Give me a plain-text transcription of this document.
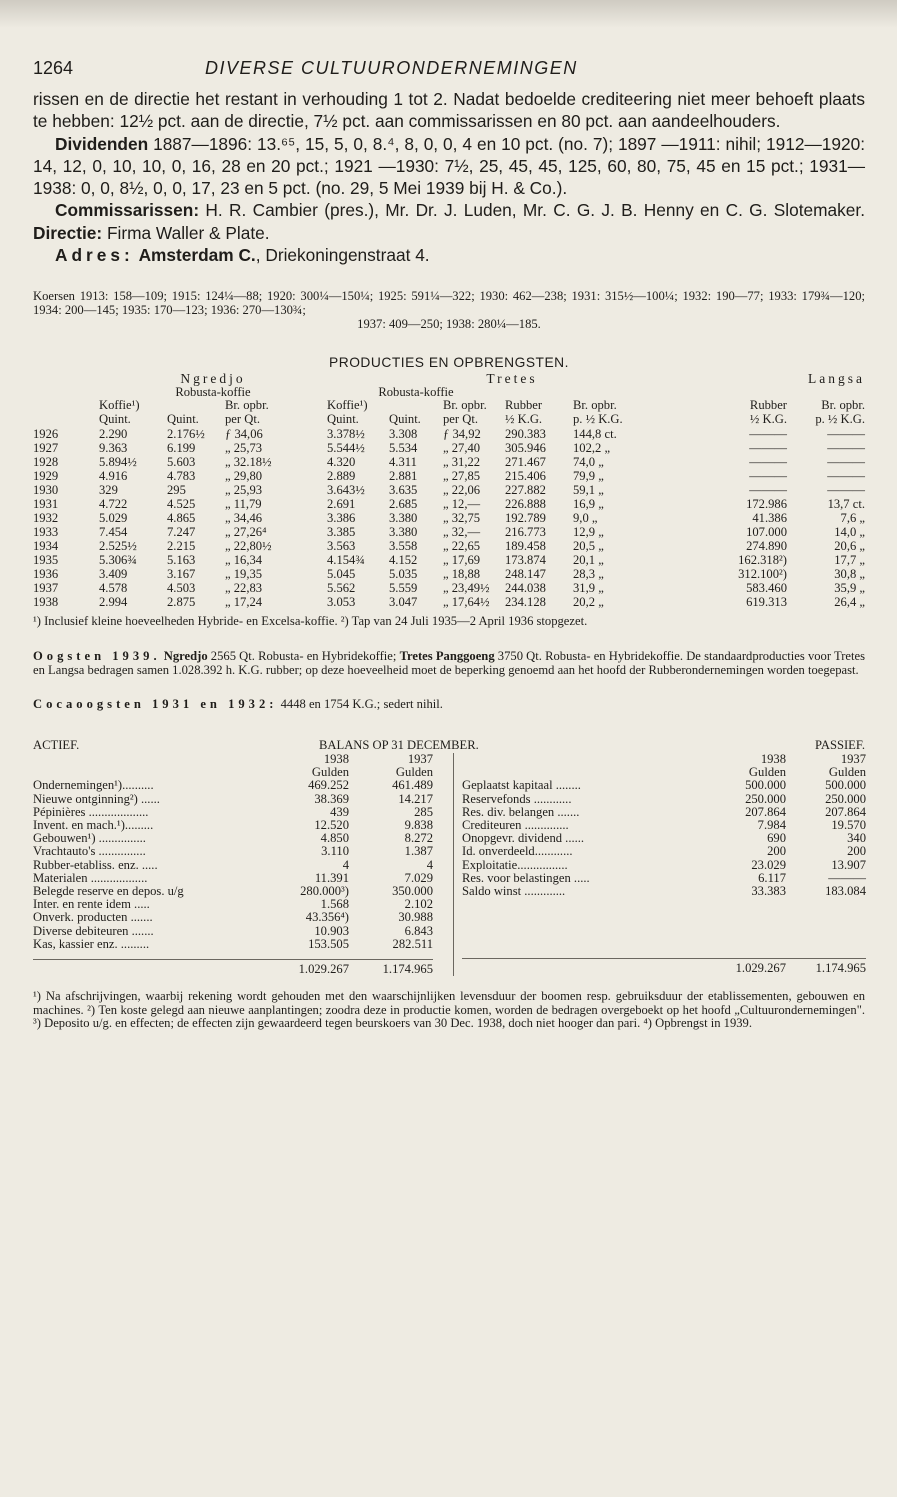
1264	DIVERSE CULTUURONDERNEMINGEN

rissen en de directie het restant in verhouding 1 tot 2. Nadat bedoelde crediteering niet meer behoeft plaats te hebben: 12½ pct. aan de directie, 7½ pct. aan commissarissen en 80 pct. aan aandeelhouders.

Dividenden 1887—1896: 13.⁶⁵, 15, 5, 0, 8.⁴, 8, 0, 0, 4 en 10 pct. (no. 7); 1897 —1911: nihil; 1912—1920: 14, 12, 0, 10, 10, 0, 16, 28 en 20 pct.; 1921 —1930: 7½, 25, 45, 45, 125, 60, 80, 75, 45 en 15 pct.; 1931—1938: 0, 0, 8½, 0, 0, 17, 23 en 5 pct. (no. 29, 5 Mei 1939 bij H. & Co.).

Commissarissen: H. R. Cambier (pres.), Mr. Dr. J. Luden, Mr. C. G. J. B. Henny en C. G. Slotemaker. Directie: Firma Waller & Plate.

Adres: Amsterdam C., Driekoningenstraat 4.

Koersen 1913: 158—109; 1915: 124¼—88; 1920: 300¼—150¼; 1925: 591¼—322; 1930: 462—238; 1931: 315½—100¼; 1932: 190—77; 1933: 179¾—120; 1934: 200—145; 1935: 170—123; 1936: 270—130¾;

1937: 409—250; 1938: 280¼—185.

PRODUCTIES EN OPBRENGSTEN.
	Ngredjo			Tretes					Langsa	
	Robusta-koffie			Robusta-koffie						
	Koffie¹)		Br. opbr.	Koffie¹)		Br. opbr.	Rubber	Br. opbr.	Rubber	Br. opbr.
	Quint.	Quint.	per Qt.	Quint.	Quint.	per Qt.	½ K.G.	p. ½ K.G.	½ K.G.	p. ½ K.G.
1926	2.290	2.176½	ƒ 34,06	3.378½	3.308	ƒ 34,92	290.383	144,8 ct.	———	———
1927	9.363	6.199	„ 25,73	5.544½	5.534	„ 27,40	305.946	102,2 „	———	———
1928	5.894½	5.603	„ 32.18½	4.320	4.311	„ 31,22	271.467	74,0 „	———	———
1929	4.916	4.783	„ 29,80	2.889	2.881	„ 27,85	215.406	79,9 „	———	———
1930	329	295	„ 25,93	3.643½	3.635	„ 22,06	227.882	59,1 „	———	———
1931	4.722	4.525	„ 11,79	2.691	2.685	„ 12,—	226.888	16,9 „	172.986	13,7 ct.
1932	5.029	4.865	„ 34,46	3.386	3.380	„ 32,75	192.789	9,0 „	41.386	7,6 „
1933	7.454	7.247	„ 27,26⁴	3.385	3.380	„ 32,—	216.773	12,9 „	107.000	14,0 „
1934	2.525½	2.215	„ 22,80½	3.563	3.558	„ 22,65	189.458	20,5 „	274.890	20,6 „
1935	5.306¾	5.163	„ 16,34	4.154¾	4.152	„ 17,69	173.874	20,1 „	162.318²)	17,7 „
1936	3.409	3.167	„ 19,35	5.045	5.035	„ 18,88	248.147	28,3 „	312.100²)	30,8 „
1937	4.578	4.503	„ 22,83	5.562	5.559	„ 23,49½	244.038	31,9 „	583.460	35,9 „
1938	2.994	2.875	„ 17,24	3.053	3.047	„ 17,64½	234.128	20,2 „	619.313	26,4 „
¹) Inclusief kleine hoeveelheden Hybride- en Excelsa-koffie. ²) Tap van 24 Juli 1935—2 April 1936 stopgezet.
Oogsten 1939. Ngredjo 2565 Qt. Robusta- en Hybridekoffie; Tretes Panggoeng 3750 Qt. Robusta- en Hybridekoffie. De standaardproducties voor Tretes en Langsa bedragen samen 1.028.392 h. K.G. rubber; op deze hoeveelheid moet de beperking genoemd aan het hoofd der Rubberondernemingen worden toegepast.
Cocaoogsten 1931 en 1932: 4448 en 1754 K.G.; sedert nihil.
ACTIEF.	BALANS OP 31 DECEMBER.	PASSIEF.
	1938	1937
	Gulden	Gulden
Ondernemingen¹)..........	469.252	461.489
Nieuwe ontginning²) ......	38.369	14.217
Pépinières ...................	439	285
Invent. en mach.¹).........	12.520	9.838
Gebouwen¹) ...............	4.850	8.272
Vrachtauto's ...............	3.110	1.387
Rubber-etabliss. enz. .....	4	4
Materialen ..................	11.391	7.029
Belegde reserve en depos. u/g	280.000³)	350.000
Inter. en rente idem .....	1.568	2.102
Onverk. producten .......	43.356⁴)	30.988
Diverse debiteuren .......	10.903	6.843
Kas, kassier enz. .........	153.505	282.511

	1.029.267	1.174.965
	1938	1937
	Gulden	Gulden
Geplaatst kapitaal ........	500.000	500.000
Reservefonds ............	250.000	250.000
Res. div. belangen .......	207.864	207.864
Crediteuren ..............	7.984	19.570
Onopgevr. dividend ......	690	340
Id. onverdeeld............	200	200
Exploitatie................	23.029	13.907
Res. voor belastingen .....	6.117	———
Saldo winst .............	33.383	183.084

	1.029.267	1.174.965
¹) Na afschrijvingen, waarbij rekening wordt gehouden met den waarschijnlijken levensduur der boomen resp. gebruiksduur der etablissementen, gebouwen en machines. ²) Ten koste gelegd aan nieuwe aanplantingen; zoodra deze in productie komen, worden de bedragen overgeboekt op het hoofd „Cultuurondernemingen". ³) Deposito u/g. en effecten; de effecten zijn gewaardeerd tegen beurskoers van 30 Dec. 1938, doch niet hooger dan pari. ⁴) Opbrengst in 1939.
